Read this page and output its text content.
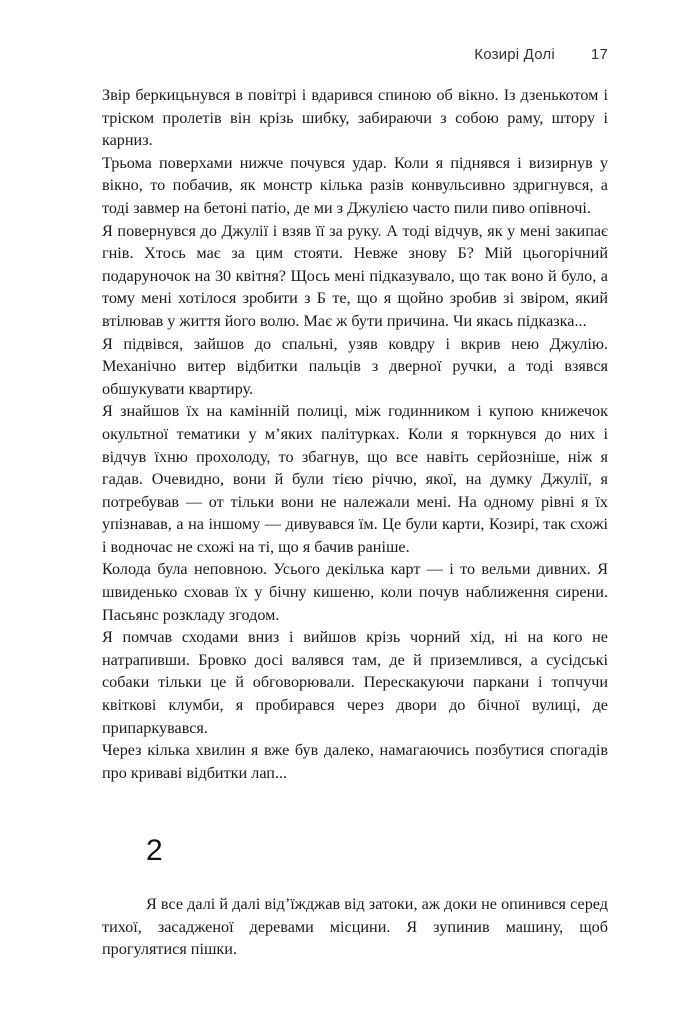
Козирі Долі 17

Звір беркицьнувся в повітрі і вдарився спиною об вікно. Із дзенькотом і тріском пролетів він крізь шибку, забираючи з собою раму, штору і карниз.

Трьома поверхами нижче почувся удар. Коли я піднявся і визирнув у вікно, то побачив, як монстр кілька разів конвульсивно здригнувся, а тоді завмер на бетоні патіо, де ми з Джулією часто пили пиво опівночі.

Я повернувся до Джулії і взяв її за руку. А тоді відчув, як у мені закипає гнів. Хтось має за цим стояти. Невже знову Б? Мій цьогорічний подаруночок на 30 квітня? Щось мені підказувало, що так воно й було, а тому мені хотілося зробити з Б те, що я щойно зробив зі звіром, який втілював у життя його волю. Має ж бути причина. Чи якась підказка...

Я підвівся, зайшов до спальні, узяв ковдру і вкрив нею Джулію. Механічно витер відбитки пальців з дверної ручки, а тоді взявся обшукувати квартиру.

Я знайшов їх на камінній полиці, між годинником і купою книжечок окультної тематики у м’яких палітурках. Коли я торкнувся до них і відчув їхню прохолоду, то збагнув, що все навіть серйозніше, ніж я гадав. Очевидно, вони й були тією річчю, якої, на думку Джулії, я потребував — от тільки вони не належали мені. На одному рівні я їх упізнавав, а на іншому — дивувався їм. Це були карти, Козирі, так схожі і водночас не схожі на ті, що я бачив раніше.

Колода була неповною. Усього декілька карт — і то вельми дивних. Я швиденько сховав їх у бічну кишеню, коли почув наближення сирени. Пасьянс розкладу згодом.

Я помчав сходами вниз і вийшов крізь чорний хід, ні на кого не натрапивши. Бровко досі валявся там, де й приземлився, а сусідські собаки тільки це й обговорювали. Перескакуючи паркани і топчучи квіткові клумби, я пробирався через двори до бічної вулиці, де припаркувався.

Через кілька хвилин я вже був далеко, намагаючись позбутися спогадів про криваві відбитки лап...

2

Я все далі й далі від’їжджав від затоки, аж доки не опинився серед тихої, засадженої деревами місцини. Я зупинив машину, щоб прогулятися пішки.
